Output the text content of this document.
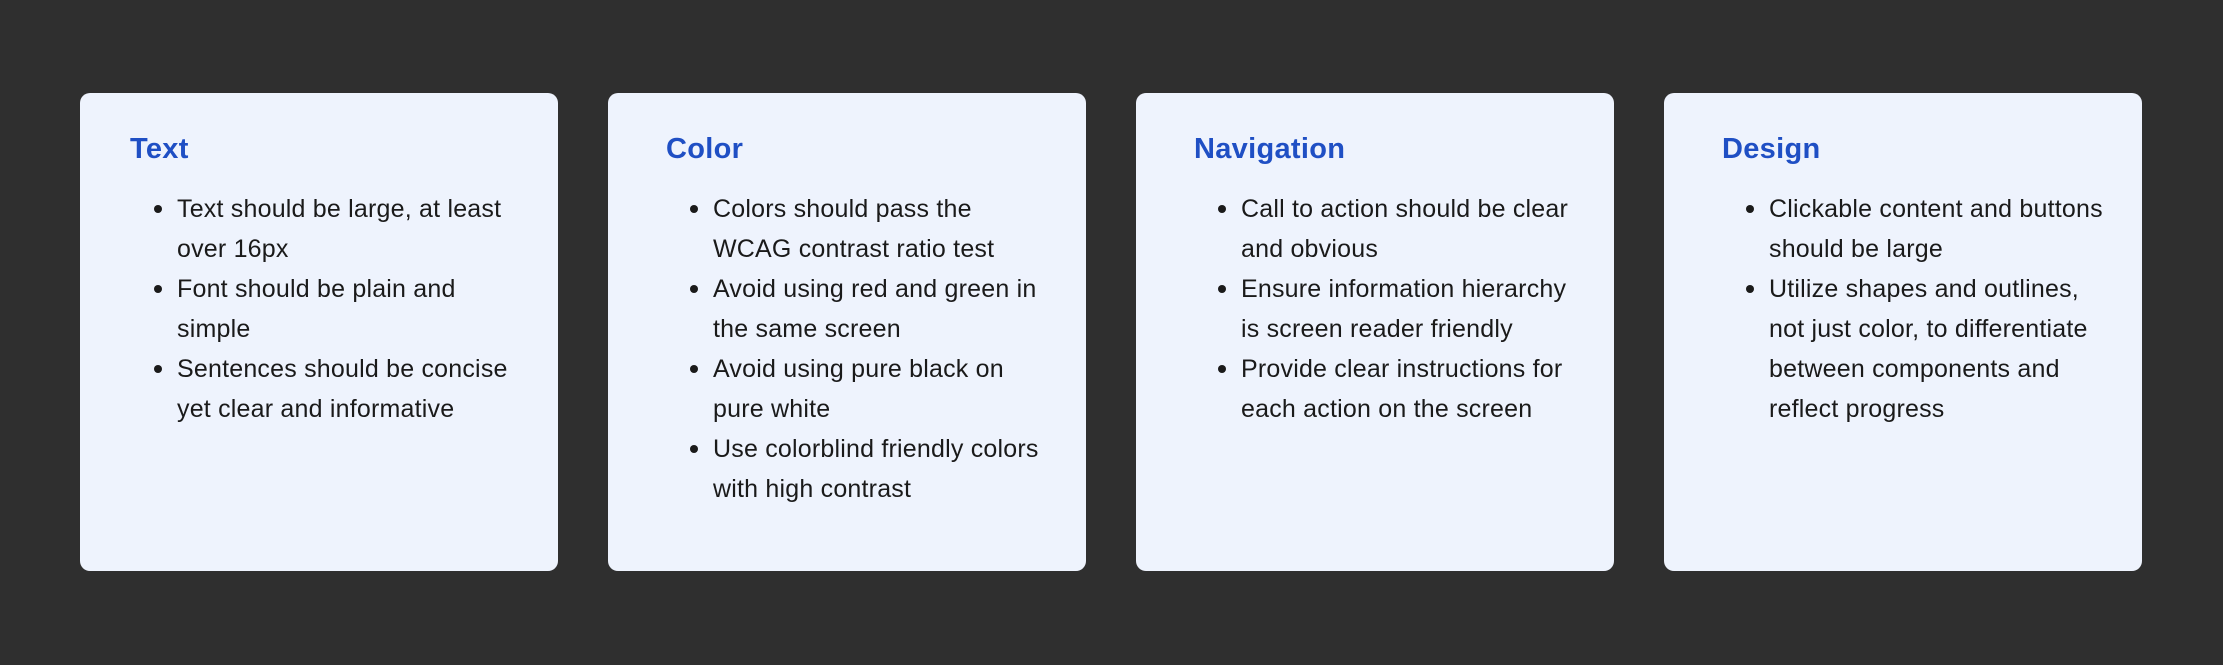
Text
Text should be large, at least over 16px
Font should be plain and simple
Sentences should be concise yet clear and informative
Color
Colors should pass the WCAG contrast ratio test
Avoid using red and green in the same screen
Avoid using pure black on pure white
Use colorblind friendly colors with high contrast
Navigation
Call to action should be clear and obvious
Ensure information hierarchy is screen reader friendly
Provide clear instructions for each action on the screen
Design
Clickable content and buttons should be large
Utilize shapes and outlines, not just color, to differentiate between components and reflect progress
